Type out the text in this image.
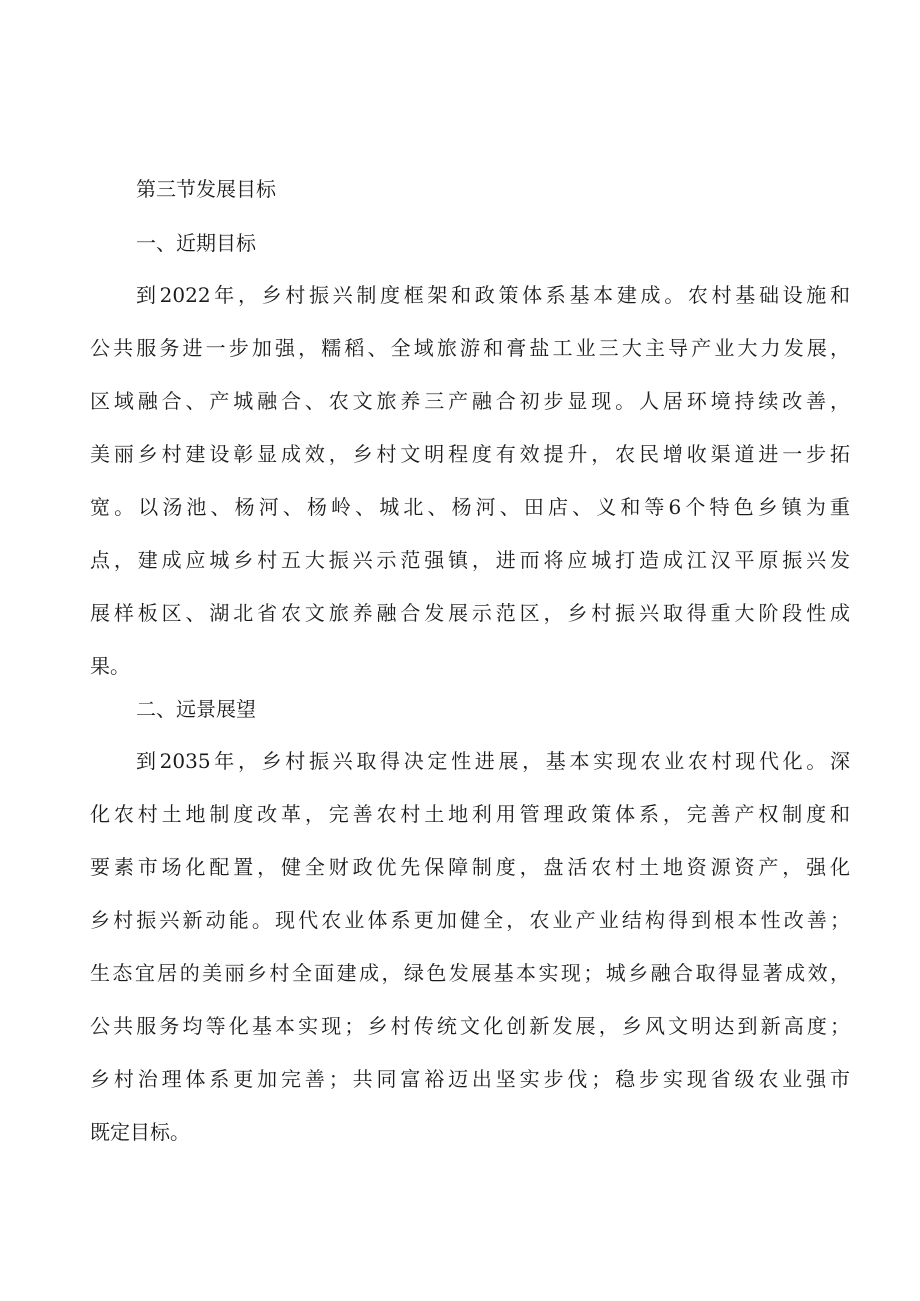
第三节发展目标
一、近期目标
到2022年，乡村振兴制度框架和政策体系基本建成。农村基础设施和
公共服务进一步加强，糯稻、全域旅游和膏盐工业三大主导产业大力发展，
区域融合、产城融合、农文旅养三产融合初步显现。人居环境持续改善，
美丽乡村建设彰显成效，乡村文明程度有效提升，农民增收渠道进一步拓
宽。以汤池、杨河、杨岭、城北、杨河、田店、义和等6个特色乡镇为重
点，建成应城乡村五大振兴示范强镇，进而将应城打造成江汉平原振兴发
展样板区、湖北省农文旅养融合发展示范区，乡村振兴取得重大阶段性成
果。
二、远景展望
到2035年，乡村振兴取得决定性进展，基本实现农业农村现代化。深
化农村土地制度改革，完善农村土地利用管理政策体系，完善产权制度和
要素市场化配置，健全财政优先保障制度，盘活农村土地资源资产，强化
乡村振兴新动能。现代农业体系更加健全，农业产业结构得到根本性改善；
生态宜居的美丽乡村全面建成，绿色发展基本实现；城乡融合取得显著成效，
公共服务均等化基本实现；乡村传统文化创新发展，乡风文明达到新高度；
乡村治理体系更加完善；共同富裕迈出坚实步伐；稳步实现省级农业强市
既定目标。
